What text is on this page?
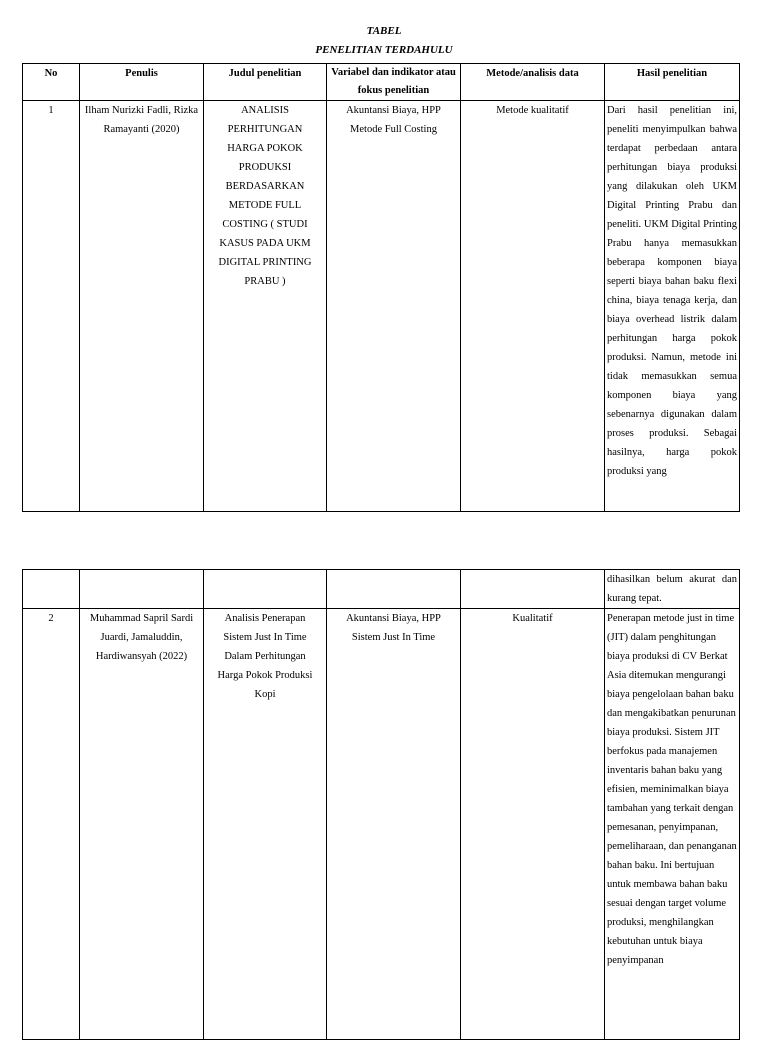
TABEL
PENELITIAN TERDAHULU
No	Penulis	Judul penelitian	Variabel dan indikator atau fokus penelitian	Metode/analisis data	Hasil penelitian
1	Ilham Nurizki Fadli, Rizka Ramayanti (2020)	ANALISIS PERHITUNGAN HARGA POKOK PRODUKSI BERDASARKAN METODE FULL COSTING ( STUDI KASUS PADA UKM DIGITAL PRINTING PRABU )	Akuntansi Biaya, HPP Metode Full Costing	Metode kualitatif	Dari hasil penelitian ini, peneliti menyimpulkan bahwa terdapat perbedaan antara perhitungan biaya produksi yang dilakukan oleh UKM Digital Printing Prabu dan peneliti. UKM Digital Printing Prabu hanya memasukkan beberapa komponen biaya seperti biaya bahan baku flexi china, biaya tenaga kerja, dan biaya overhead listrik dalam perhitungan harga pokok produksi. Namun, metode ini tidak memasukkan semua komponen biaya yang sebenarnya digunakan dalam proses produksi. Sebagai hasilnya, harga pokok produksi yang
					dihasilkan belum akurat dan kurang tepat.
2	Muhammad Sapril Sardi Juardi, Jamaluddin, Hardiwansyah (2022)	Analisis Penerapan Sistem Just In Time Dalam Perhitungan Harga Pokok Produksi Kopi	Akuntansi Biaya, HPP Sistem Just In Time	Kualitatif	Penerapan metode just in time (JIT) dalam penghitungan biaya produksi di CV Berkat Asia ditemukan mengurangi biaya pengelolaan bahan baku dan mengakibatkan penurunan biaya produksi. Sistem JIT berfokus pada manajemen inventaris bahan baku yang efisien, meminimalkan biaya tambahan yang terkait dengan pemesanan, penyimpanan, pemeliharaan, dan penanganan bahan baku. Ini bertujuan untuk membawa bahan baku sesuai dengan target volume produksi, menghilangkan kebutuhan untuk biaya penyimpanan
